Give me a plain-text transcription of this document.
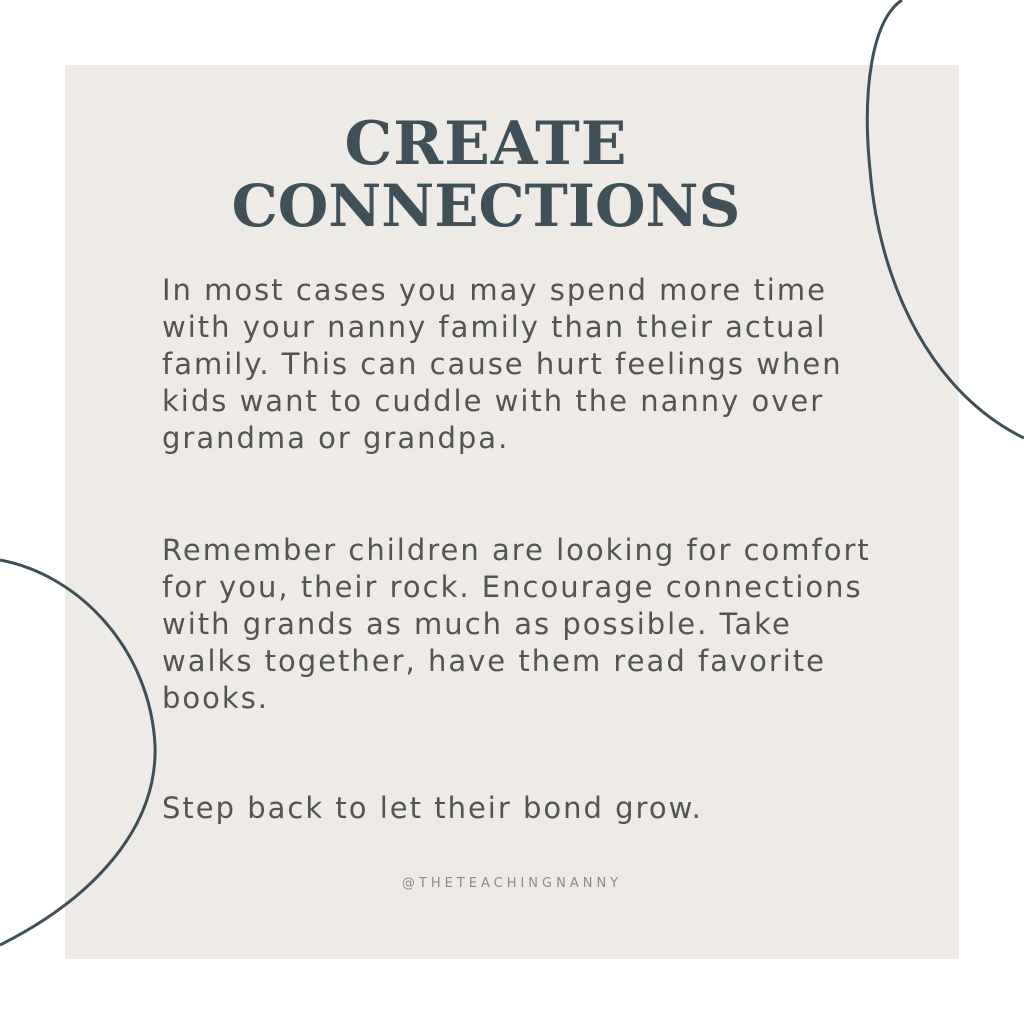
CREATE
CONNECTIONS

In most cases you may spend more time with your nanny family than their actual family. This can cause hurt feelings when kids want to cuddle with the nanny over grandma or grandpa.

Remember children are looking for comfort for you, their rock. Encourage connections with grands as much as possible. Take walks together, have them read favorite books.

Step back to let their bond grow.

@THETEACHINGNANNY
